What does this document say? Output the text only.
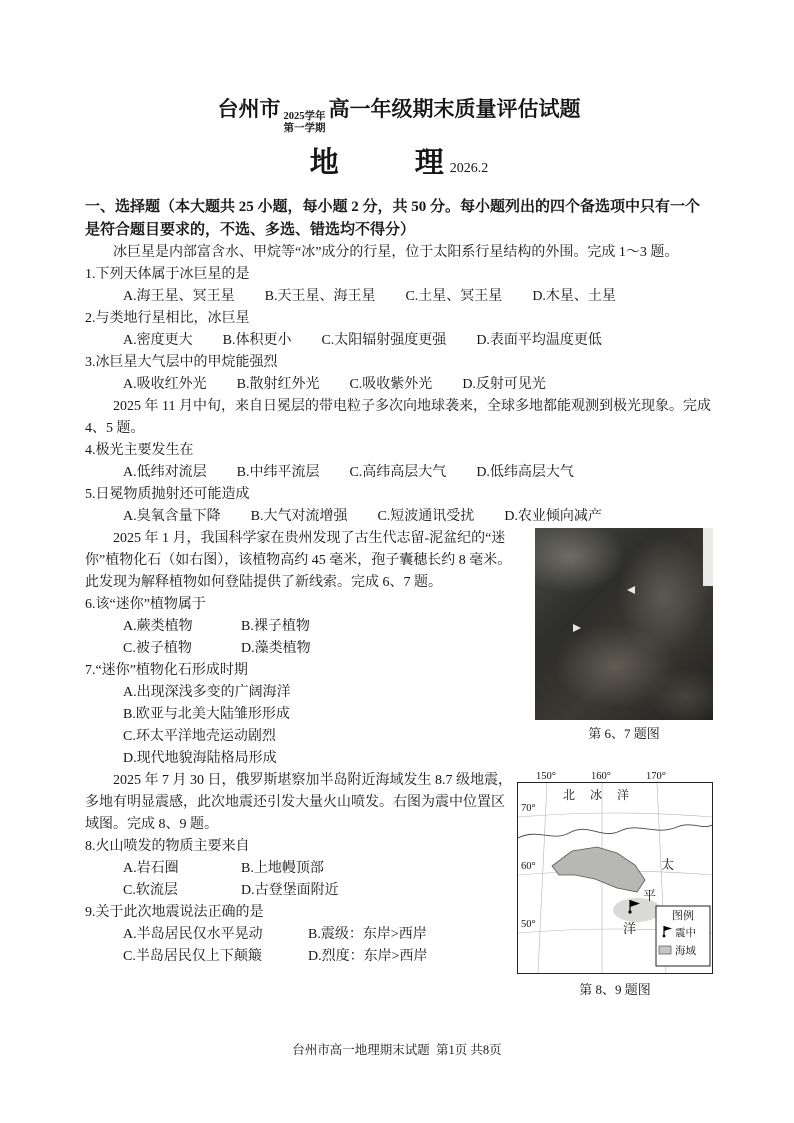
台州市 2025学年
第一学期
高一年级期末质量评估试题
地        理 2026.2
一、选择题（本大题共 25 小题，每小题 2 分，共 50 分。每小题列出的四个备选项中只有一个是符合题目要求的，不选、多选、错选均不得分）
冰巨星是内部富含水、甲烷等“冰”成分的行星，位于太阳系行星结构的外围。完成 1～3 题。
1.下列天体属于冰巨星的是
A.海王星、冥王星 B.天王星、海王星 C.土星、冥王星 D.木星、土星
2.与类地行星相比，冰巨星
A.密度更大 B.体积更小 C.太阳辐射强度更强 D.表面平均温度更低
3.冰巨星大气层中的甲烷能强烈
A.吸收红外光 B.散射红外光 C.吸收紫外光 D.反射可见光
2025 年 11 月中旬，来自日冕层的带电粒子多次向地球袭来，全球多地都能观测到极光现象。完成 4、5 题。
4.极光主要发生在
A.低纬对流层 B.中纬平流层 C.高纬高层大气 D.低纬高层大气
5.日冕物质抛射还可能造成
A.臭氧含量下降 B.大气对流增强 C.短波通讯受扰 D.农业倾向减产
2025 年 1 月，我国科学家在贵州发现了古生代志留-泥盆纪的“迷你”植物化石（如右图），该植物高约 45 毫米，孢子囊穗长约 8 毫米。此发现为解释植物如何登陆提供了新线索。完成 6、7 题。
6.该“迷你”植物属于
A.蕨类植物	B.裸子植物
C.被子植物	D.藻类植物
7.“迷你”植物化石形成时期
A.出现深浅多变的广阔海洋
B.欧亚与北美大陆雏形形成
C.环太平洋地壳运动剧烈
D.现代地貌海陆格局形成
第 6、7 题图
2025 年 7 月 30 日，俄罗斯堪察加半岛附近海域发生 8.7 级地震，多地有明显震感，此次地震还引发大量火山喷发。右图为震中位置区域图。完成 8、9 题。
8.火山喷发的物质主要来自
A.岩石圈	B.上地幔顶部
C.软流层	D.古登堡面附近
9.关于此次地震说法正确的是
A.半岛居民仅水平晃动	B.震级：东岸>西岸
C.半岛居民仅上下颠簸	D.烈度：东岸>西岸
150°	160°	170°
70°
60°
50°
北 冰 洋
太
平
洋
图例
震中
海域
第 8、9 题图
台州市高一地理期末试题  第1页 共8页
